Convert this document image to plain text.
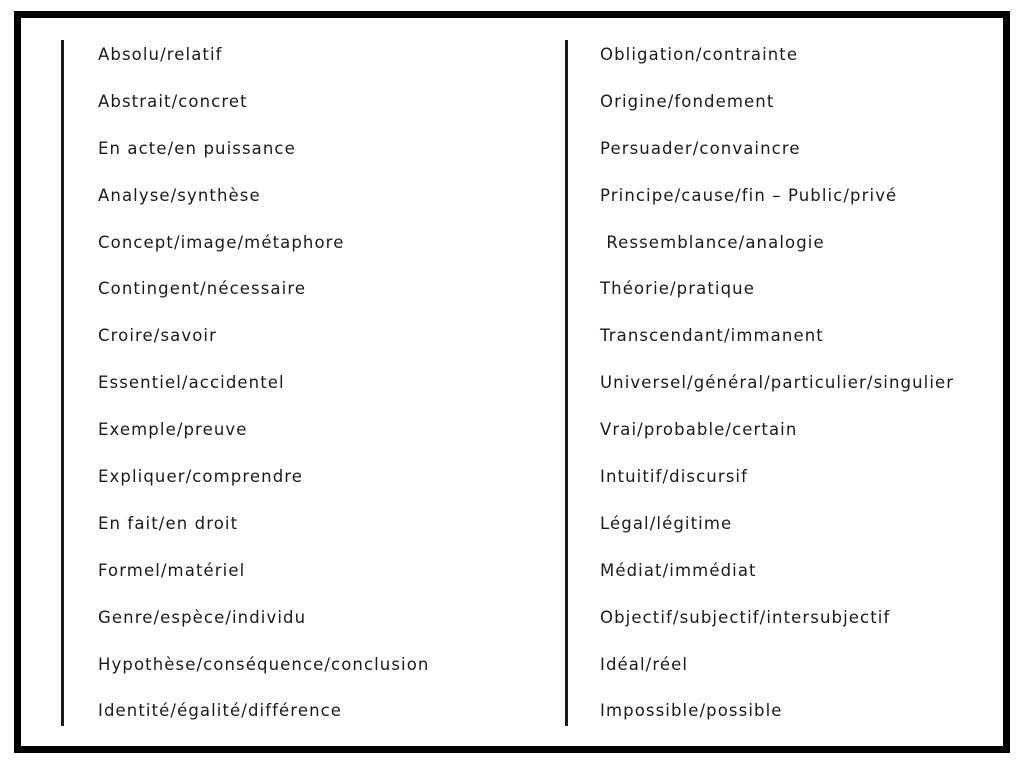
Absolu/relatif
Abstrait/concret
En acte/en puissance
Analyse/synthèse
Concept/image/métaphore
Contingent/nécessaire
Croire/savoir
Essentiel/accidentel
Exemple/preuve
Expliquer/comprendre
En fait/en droit
Formel/matériel
Genre/espèce/individu
Hypothèse/conséquence/conclusion
Identité/égalité/différence
Obligation/contrainte
Origine/fondement
Persuader/convaincre
Principe/cause/fin – Public/privé
Ressemblance/analogie
Théorie/pratique
Transcendant/immanent
Universel/général/particulier/singulier
Vrai/probable/certain
Intuitif/discursif
Légal/légitime
Médiat/immédiat
Objectif/subjectif/intersubjectif
Idéal/réel
Impossible/possible
